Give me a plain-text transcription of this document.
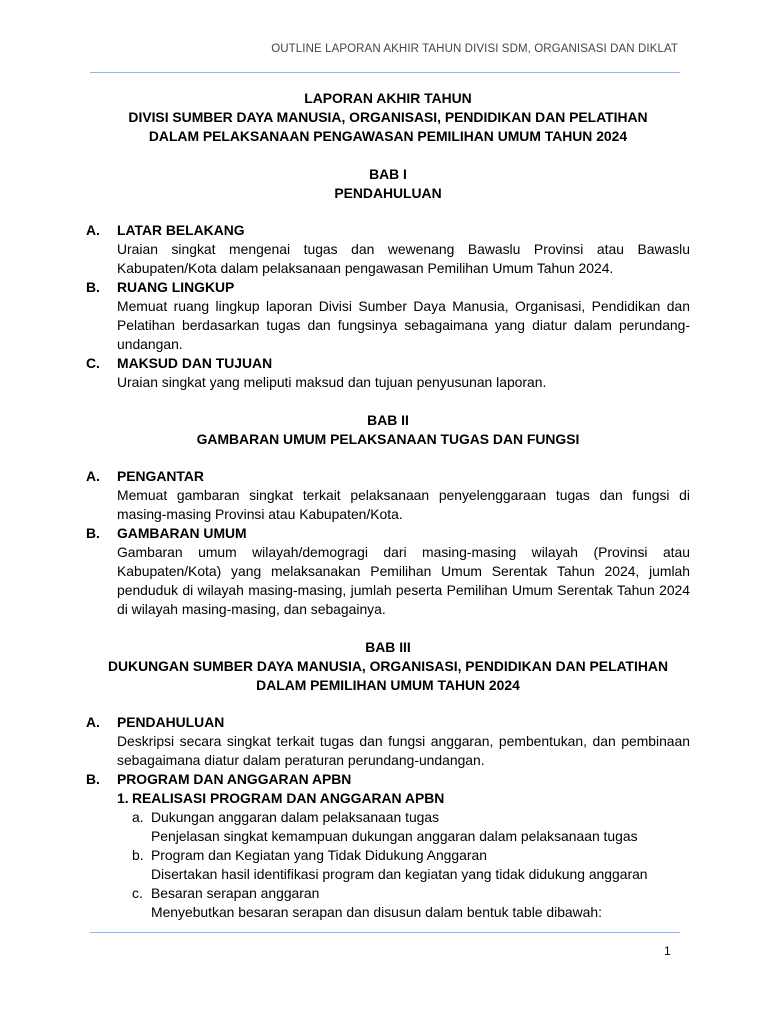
OUTLINE LAPORAN AKHIR TAHUN DIVISI SDM, ORGANISASI DAN DIKLAT
LAPORAN AKHIR TAHUN
DIVISI SUMBER DAYA MANUSIA, ORGANISASI, PENDIDIKAN DAN PELATIHAN
DALAM PELAKSANAAN PENGAWASAN PEMILIHAN UMUM TAHUN 2024
BAB I
PENDAHULUAN
A.	LATAR BELAKANG
Uraian singkat mengenai tugas dan wewenang Bawaslu Provinsi atau Bawaslu Kabupaten/Kota dalam pelaksanaan pengawasan Pemilihan Umum Tahun 2024.
B.	RUANG LINGKUP
Memuat ruang lingkup laporan Divisi Sumber Daya Manusia, Organisasi, Pendidikan dan Pelatihan berdasarkan tugas dan fungsinya sebagaimana yang diatur dalam perundang-undangan.
C.	MAKSUD DAN TUJUAN
Uraian singkat yang meliputi maksud dan tujuan penyusunan laporan.
BAB II
GAMBARAN UMUM PELAKSANAAN TUGAS DAN FUNGSI
A.	PENGANTAR
Memuat gambaran singkat terkait pelaksanaan penyelenggaraan tugas dan fungsi di masing-masing Provinsi atau Kabupaten/Kota.
B.	GAMBARAN UMUM
Gambaran umum wilayah/demogragi dari masing-masing wilayah (Provinsi atau Kabupaten/Kota) yang melaksanakan Pemilihan Umum Serentak Tahun 2024, jumlah penduduk di wilayah masing-masing, jumlah peserta Pemilihan Umum Serentak Tahun 2024 di wilayah masing-masing, dan sebagainya.
BAB III
DUKUNGAN SUMBER DAYA MANUSIA, ORGANISASI, PENDIDIKAN DAN PELATIHAN
DALAM PEMILIHAN UMUM TAHUN 2024
A.	PENDAHULUAN
Deskripsi secara singkat terkait tugas dan fungsi anggaran, pembentukan, dan pembinaan sebagaimana diatur dalam peraturan perundang-undangan.
B.	PROGRAM DAN ANGGARAN APBN
1. REALISASI PROGRAM DAN ANGGARAN APBN
a. Dukungan anggaran dalam pelaksanaan tugas
Penjelasan singkat kemampuan dukungan anggaran dalam pelaksanaan tugas
b. Program dan Kegiatan yang Tidak Didukung Anggaran
Disertakan hasil identifikasi program dan kegiatan yang tidak didukung anggaran
c. Besaran serapan anggaran
Menyebutkan besaran serapan dan disusun dalam bentuk table dibawah:
1
